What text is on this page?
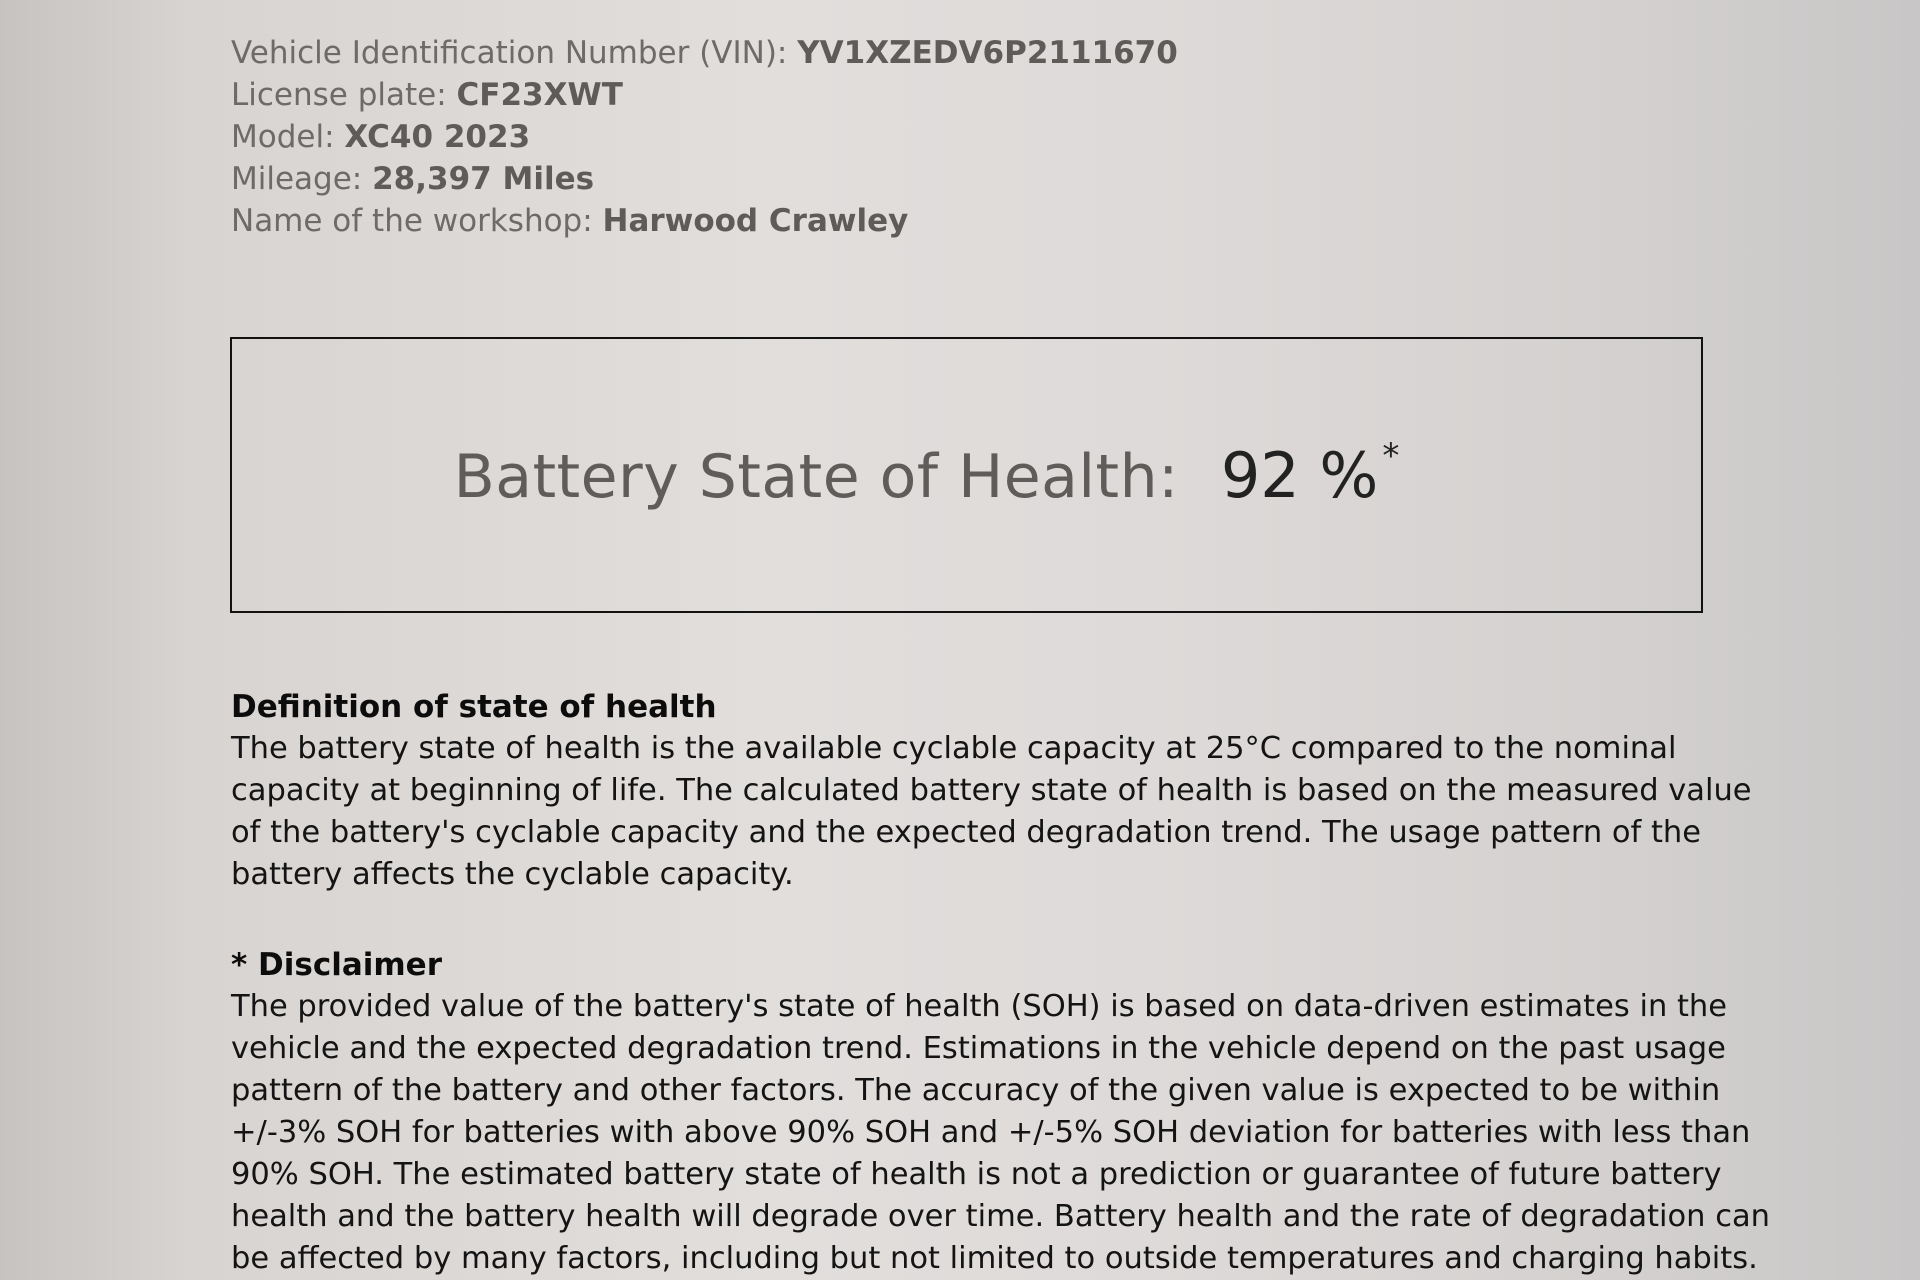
Vehicle Identification Number (VIN): YV1XZEDV6P2111670
License plate: CF23XWT
Model: XC40 2023
Mileage: 28,397 Miles
Name of the workshop: Harwood Crawley
Battery State of Health: 92 % *
Definition of state of health
The battery state of health is the available cyclable capacity at 25°C compared to the nominal capacity at beginning of life. The calculated battery state of health is based on the measured value of the battery's cyclable capacity and the expected degradation trend. The usage pattern of the battery affects the cyclable capacity.
* Disclaimer
The provided value of the battery's state of health (SOH) is based on data-driven estimates in the vehicle and the expected degradation trend. Estimations in the vehicle depend on the past usage pattern of the battery and other factors. The accuracy of the given value is expected to be within +/-3% SOH for batteries with above 90% SOH and +/-5% SOH deviation for batteries with less than 90% SOH. The estimated battery state of health is not a prediction or guarantee of future battery health and the battery health will degrade over time. Battery health and the rate of degradation can be affected by many factors, including but not limited to outside temperatures and charging habits.
